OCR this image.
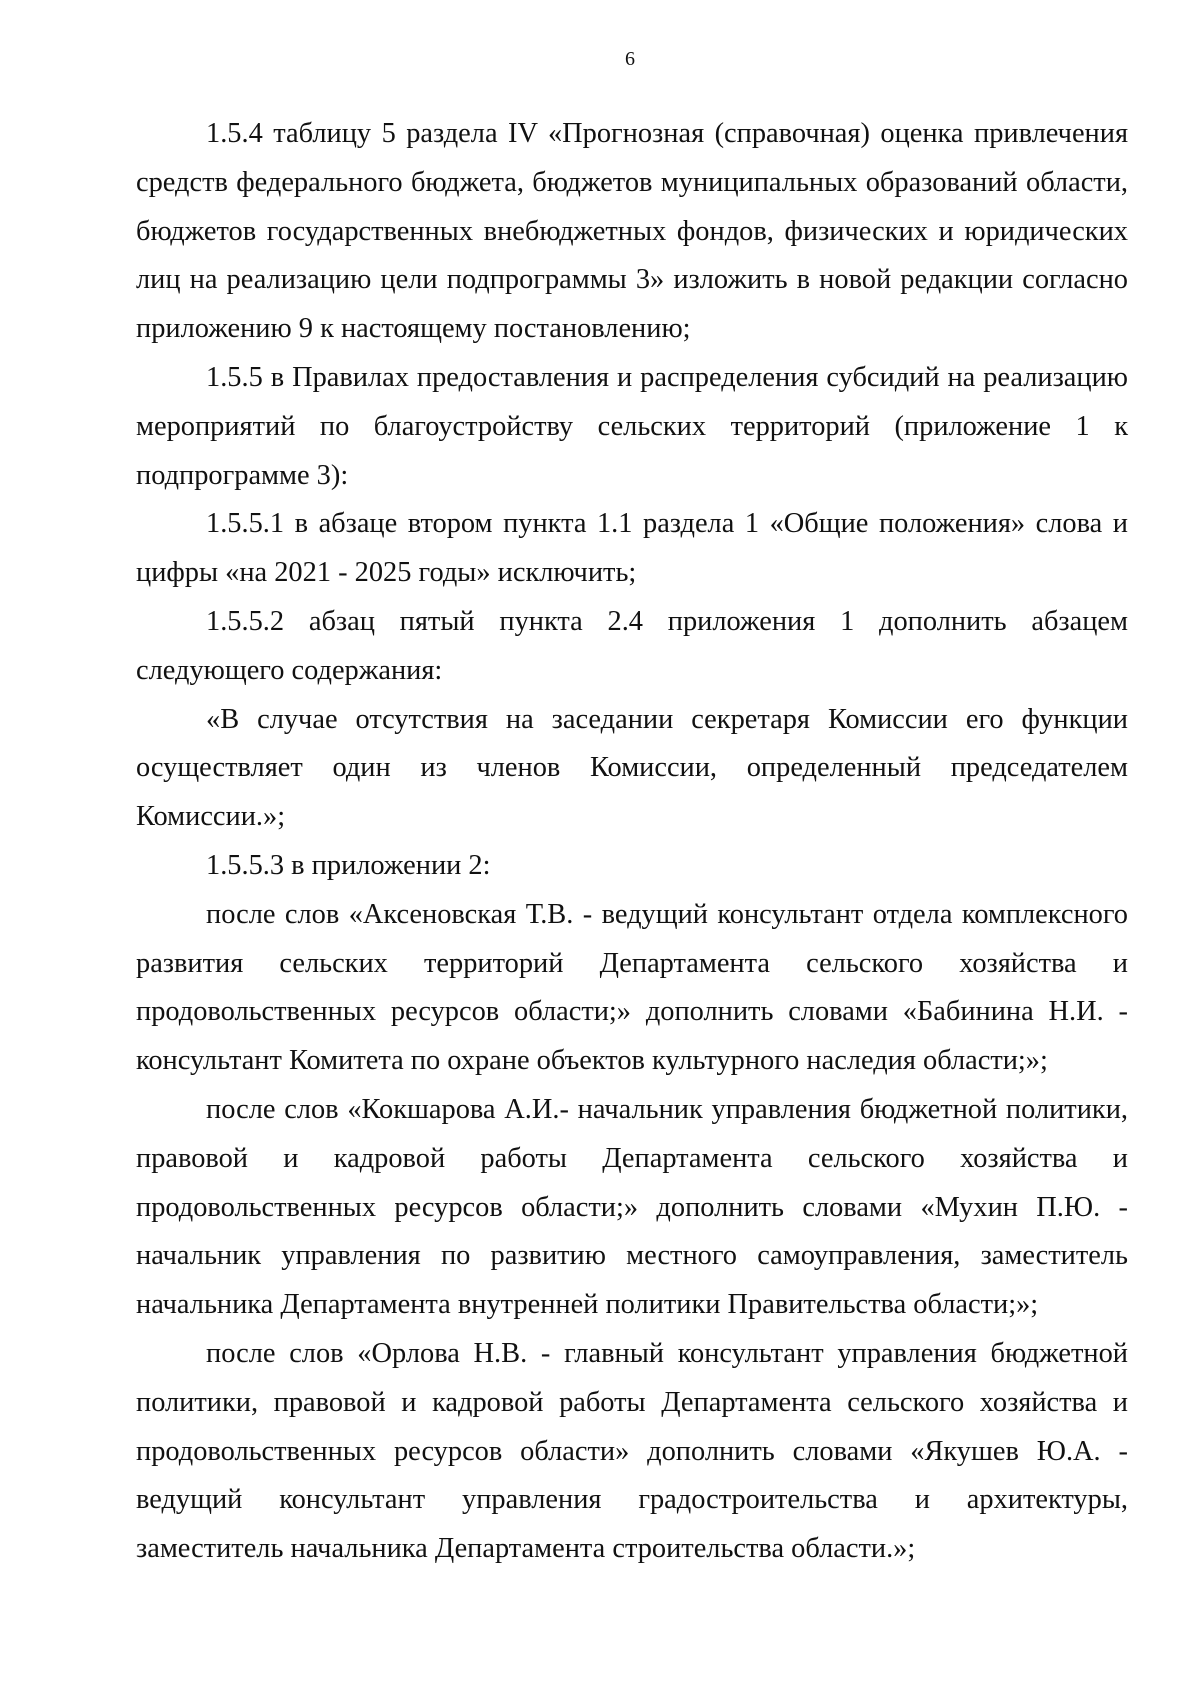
6

1.5.4 таблицу 5 раздела IV «Прогнозная (справочная) оценка привлечения средств федерального бюджета, бюджетов муниципальных образований области, бюджетов государственных внебюджетных фондов, физических и юридических лиц на реализацию цели подпрограммы 3» изложить в новой редакции согласно приложению 9 к настоящему постановлению;

1.5.5 в Правилах предоставления и распределения субсидий на реализацию мероприятий по благоустройству сельских территорий (приложение 1 к подпрограмме 3):

1.5.5.1 в абзаце втором пункта 1.1 раздела 1 «Общие положения» слова и цифры «на 2021 - 2025 годы» исключить;

1.5.5.2 абзац пятый пункта 2.4 приложения 1 дополнить абзацем следующего содержания:

«В случае отсутствия на заседании секретаря Комиссии его функции осуществляет один из членов Комиссии, определенный председателем Комиссии.»;

1.5.5.3 в приложении 2:

после слов «Аксеновская Т.В. - ведущий консультант отдела комплексного развития сельских территорий Департамента сельского хозяйства и продовольственных ресурсов области;» дополнить словами «Бабинина Н.И. - консультант Комитета по охране объектов культурного наследия области;»;

после слов «Кокшарова А.И.- начальник управления бюджетной политики, правовой и кадровой работы Департамента сельского хозяйства и продовольственных ресурсов области;» дополнить словами «Мухин П.Ю. - начальник управления по развитию местного самоуправления, заместитель начальника Департамента внутренней политики Правительства области;»;

после слов «Орлова Н.В. - главный консультант управления бюджетной политики, правовой и кадровой работы Департамента сельского хозяйства и продовольственных ресурсов области» дополнить словами «Якушев Ю.А. - ведущий консультант управления градостроительства и архитектуры, заместитель начальника Департамента строительства области.»;
